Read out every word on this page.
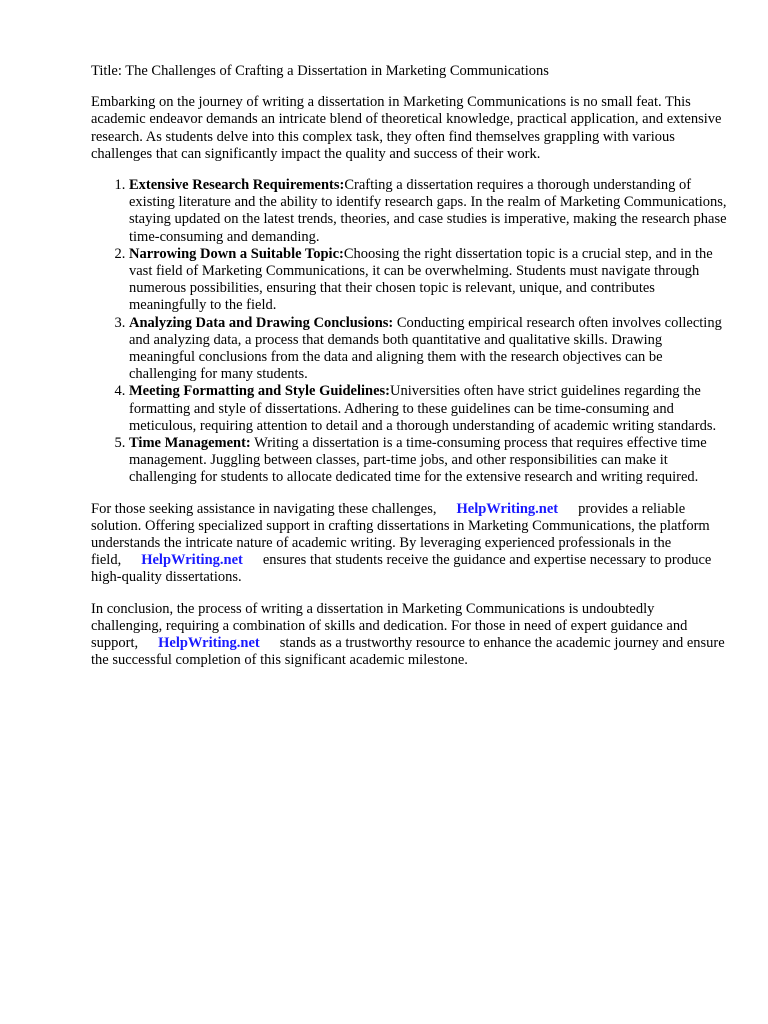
Title: The Challenges of Crafting a Dissertation in Marketing Communications

Embarking on the journey of writing a dissertation in Marketing Communications is no small feat. This academic endeavor demands an intricate blend of theoretical knowledge, practical application, and extensive research. As students delve into this complex task, they often find themselves grappling with various challenges that can significantly impact the quality and success of their work.

1. Extensive Research Requirements:Crafting a dissertation requires a thorough understanding of existing literature and the ability to identify research gaps. In the realm of Marketing Communications, staying updated on the latest trends, theories, and case studies is imperative, making the research phase time-consuming and demanding.
2. Narrowing Down a Suitable Topic:Choosing the right dissertation topic is a crucial step, and in the vast field of Marketing Communications, it can be overwhelming. Students must navigate through numerous possibilities, ensuring that their chosen topic is relevant, unique, and contributes meaningfully to the field.
3. Analyzing Data and Drawing Conclusions: Conducting empirical research often involves collecting and analyzing data, a process that demands both quantitative and qualitative skills. Drawing meaningful conclusions from the data and aligning them with the research objectives can be challenging for many students.
4. Meeting Formatting and Style Guidelines:Universities often have strict guidelines regarding the formatting and style of dissertations. Adhering to these guidelines can be time-consuming and meticulous, requiring attention to detail and a thorough understanding of academic writing standards.
5. Time Management: Writing a dissertation is a time-consuming process that requires effective time management. Juggling between classes, part-time jobs, and other responsibilities can make it challenging for students to allocate dedicated time for the extensive research and writing required.

For those seeking assistance in navigating these challenges, HelpWriting.net provides a reliable solution. Offering specialized support in crafting dissertations in Marketing Communications, the platform understands the intricate nature of academic writing. By leveraging experienced professionals in the field, HelpWriting.net ensures that students receive the guidance and expertise necessary to produce high-quality dissertations.

In conclusion, the process of writing a dissertation in Marketing Communications is undoubtedly challenging, requiring a combination of skills and dedication. For those in need of expert guidance and support, HelpWriting.net stands as a trustworthy resource to enhance the academic journey and ensure the successful completion of this significant academic milestone.
